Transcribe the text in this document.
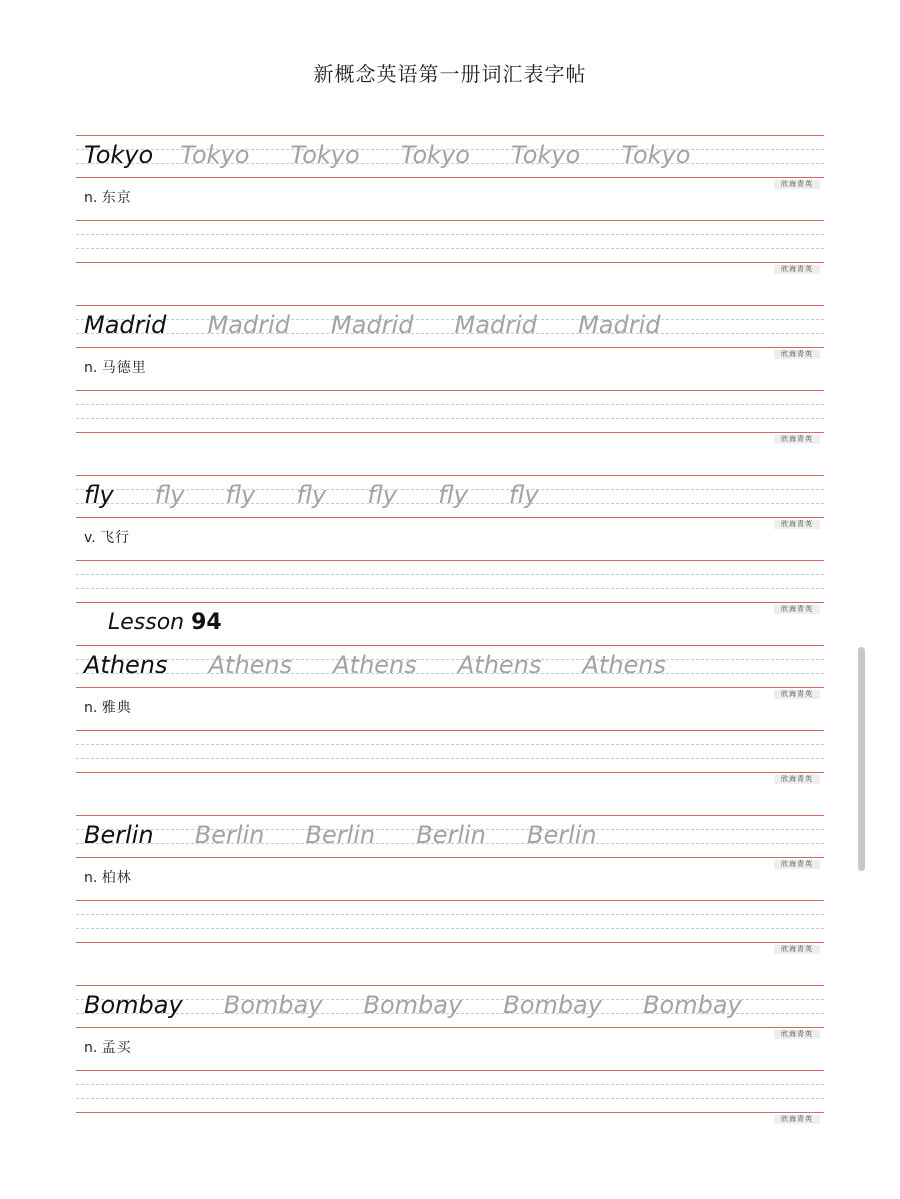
新概念英语第一册词汇表字帖
Tokyo Tokyo Tokyo Tokyo Tokyo Tokyo
欣海青英
n. 东京
欣海青英
Madrid Madrid Madrid Madrid Madrid
欣海青英
n. 马德里
欣海青英
fly fly fly fly fly fly fly
欣海青英
v. 飞行
欣海青英
Lesson 94
Athens Athens Athens Athens Athens
欣海青英
n. 雅典
欣海青英
Berlin Berlin Berlin Berlin Berlin
欣海青英
n. 柏林
欣海青英
Bombay Bombay Bombay Bombay Bombay
欣海青英
n. 孟买
欣海青英
